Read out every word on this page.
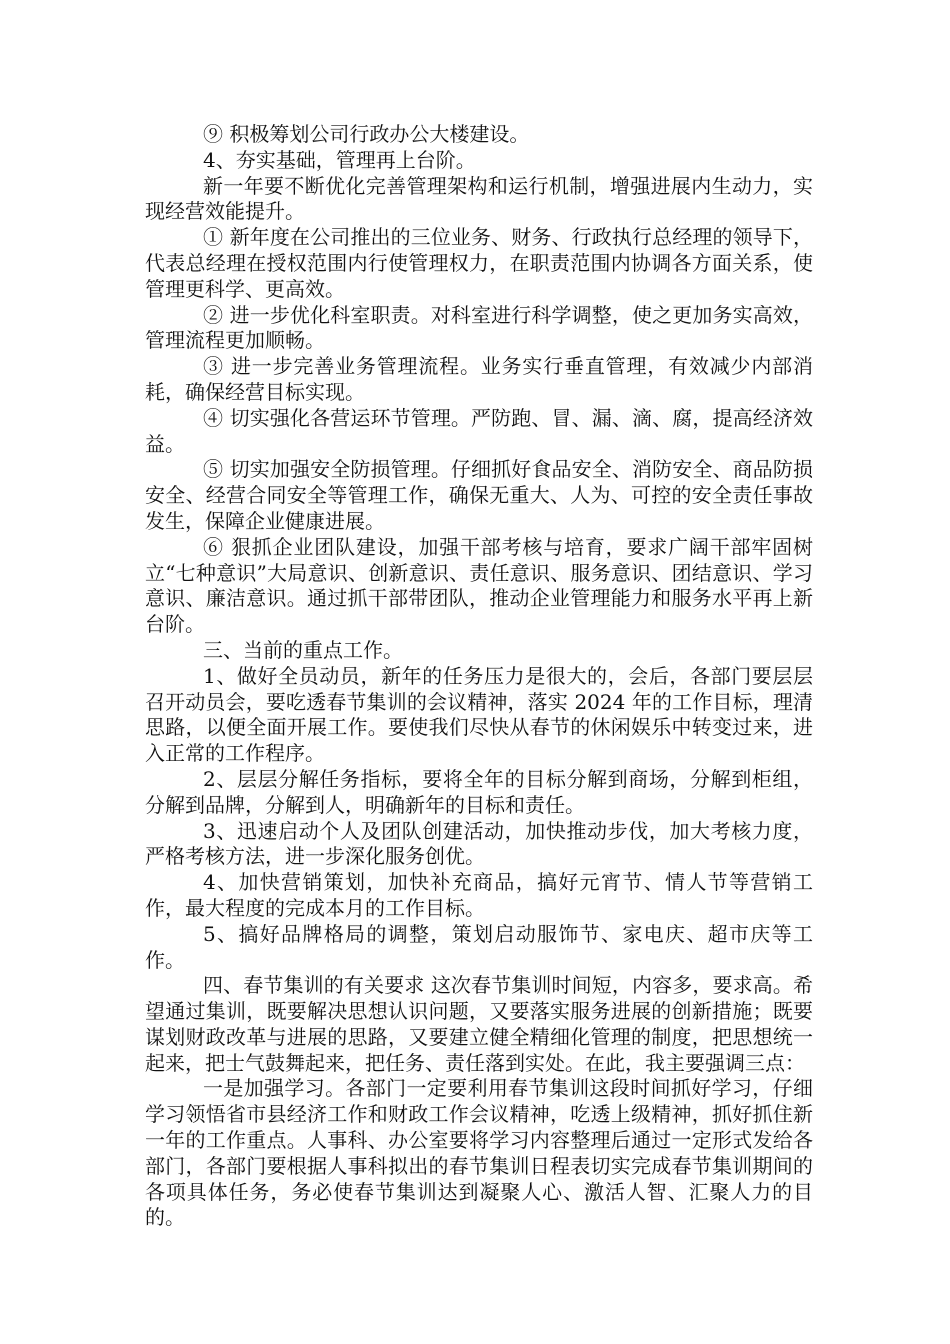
⑨ 积极筹划公司行政办公大楼建设。

4、夯实基础，管理再上台阶。

新一年要不断优化完善管理架构和运行机制，增强进展内生动力，实现经营效能提升。

① 新年度在公司推出的三位业务、财务、行政执行总经理的领导下，代表总经理在授权范围内行使管理权力，在职责范围内协调各方面关系，使管理更科学、更高效。

② 进一步优化科室职责。对科室进行科学调整，使之更加务实高效，管理流程更加顺畅。

③ 进一步完善业务管理流程。业务实行垂直管理，有效减少内部消耗，确保经营目标实现。

④ 切实强化各营运环节管理。严防跑、冒、漏、滴、腐，提高经济效益。

⑤ 切实加强安全防损管理。仔细抓好食品安全、消防安全、商品防损安全、经营合同安全等管理工作，确保无重大、人为、可控的安全责任事故发生，保障企业健康进展。

⑥ 狠抓企业团队建设，加强干部考核与培育，要求广阔干部牢固树立“七种意识”大局意识、创新意识、责任意识、服务意识、团结意识、学习意识、廉洁意识。通过抓干部带团队，推动企业管理能力和服务水平再上新台阶。

三、当前的重点工作。

1、做好全员动员，新年的任务压力是很大的，会后，各部门要层层召开动员会，要吃透春节集训的会议精神，落实 2024 年的工作目标，理清思路，以便全面开展工作。要使我们尽快从春节的休闲娱乐中转变过来，进入正常的工作程序。

2、层层分解任务指标，要将全年的目标分解到商场，分解到柜组，分解到品牌，分解到人，明确新年的目标和责任。

3、迅速启动个人及团队创建活动，加快推动步伐，加大考核力度，严格考核方法，进一步深化服务创优。

4、加快营销策划，加快补充商品，搞好元宵节、情人节等营销工作，最大程度的完成本月的工作目标。

5、搞好品牌格局的调整，策划启动服饰节、家电庆、超市庆等工作。

四、春节集训的有关要求 这次春节集训时间短，内容多，要求高。希望通过集训，既要解决思想认识问题，又要落实服务进展的创新措施；既要谋划财政改革与进展的思路，又要建立健全精细化管理的制度，把思想统一起来，把士气鼓舞起来，把任务、责任落到实处。在此，我主要强调三点：

一是加强学习。各部门一定要利用春节集训这段时间抓好学习，仔细学习领悟省市县经济工作和财政工作会议精神，吃透上级精神，抓好抓住新一年的工作重点。人事科、办公室要将学习内容整理后通过一定形式发给各部门，各部门要根据人事科拟出的春节集训日程表切实完成春节集训期间的各项具体任务，务必使春节集训达到凝聚人心、激活人智、汇聚人力的目的。
